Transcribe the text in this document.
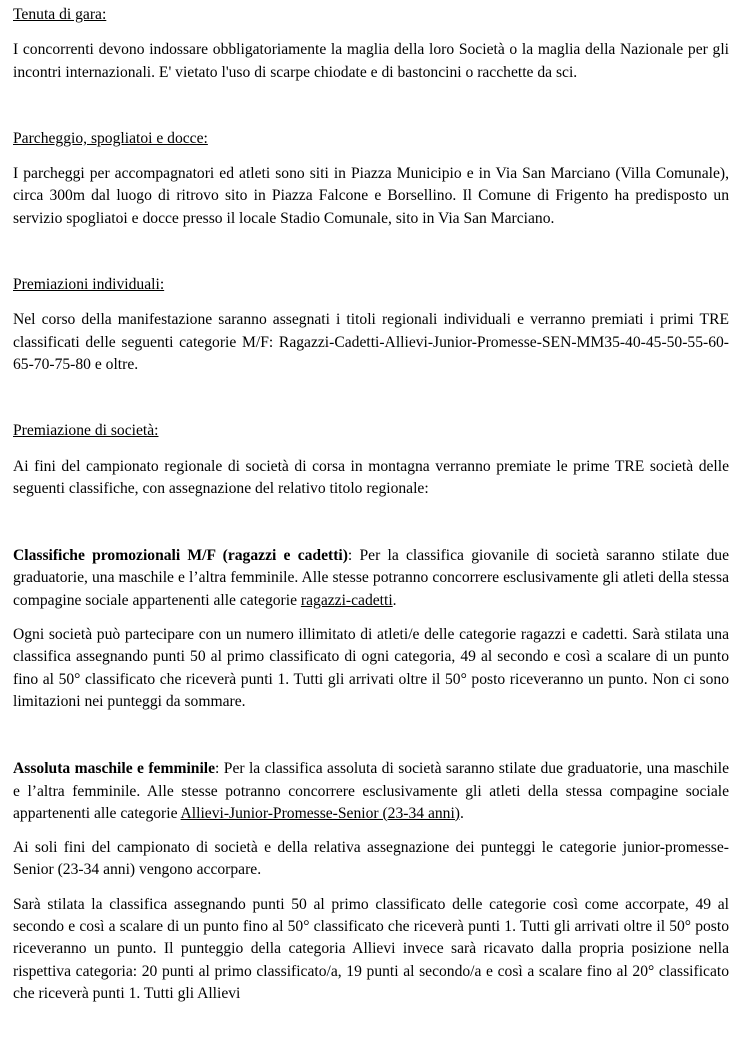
Tenuta di gara:

I concorrenti devono indossare obbligatoriamente la maglia della loro Società o la maglia della Nazionale per gli incontri internazionali. E' vietato l'uso di scarpe chiodate e di bastoncini o racchette da sci.

Parcheggio, spogliatoi e docce:

I parcheggi per accompagnatori ed atleti sono siti in Piazza Municipio e in Via San Marciano (Villa Comunale), circa 300m dal luogo di ritrovo sito in Piazza Falcone e Borsellino. Il Comune di Frigento ha predisposto un servizio spogliatoi e docce presso il locale Stadio Comunale, sito in Via San Marciano.

Premiazioni individuali:

Nel corso della manifestazione saranno assegnati i titoli regionali individuali e verranno premiati i primi TRE classificati delle seguenti categorie M/F: Ragazzi-Cadetti-Allievi-Junior-Promesse-SEN-MM35-40-45-50-55-60-65-70-75-80 e oltre.

Premiazione di società:

Ai fini del campionato regionale di società di corsa in montagna verranno premiate le prime TRE società delle seguenti classifiche, con assegnazione del relativo titolo regionale:

Classifiche promozionali M/F (ragazzi e cadetti): Per la classifica giovanile di società saranno stilate due graduatorie, una maschile e l’altra femminile. Alle stesse potranno concorrere esclusivamente gli atleti della stessa compagine sociale appartenenti alle categorie ragazzi-cadetti.

Ogni società può partecipare con un numero illimitato di atleti/e delle categorie ragazzi e cadetti. Sarà stilata una classifica assegnando punti 50 al primo classificato di ogni categoria, 49 al secondo e così a scalare di un punto fino al 50° classificato che riceverà punti 1. Tutti gli arrivati oltre il 50° posto riceveranno un punto. Non ci sono limitazioni nei punteggi da sommare.

Assoluta maschile e femminile: Per la classifica assoluta di società saranno stilate due graduatorie, una maschile e l’altra femminile. Alle stesse potranno concorrere esclusivamente gli atleti della stessa compagine sociale appartenenti alle categorie Allievi-Junior-Promesse-Senior (23-34 anni).

Ai soli fini del campionato di società e della relativa assegnazione dei punteggi le categorie junior-promesse-Senior (23-34 anni) vengono accorpare.

Sarà stilata la classifica assegnando punti 50 al primo classificato delle categorie così come accorpate, 49 al secondo e così a scalare di un punto fino al 50° classificato che riceverà punti 1. Tutti gli arrivati oltre il 50° posto riceveranno un punto. Il punteggio della categoria Allievi invece sarà ricavato dalla propria posizione nella rispettiva categoria: 20 punti al primo classificato/a, 19 punti al secondo/a e così a scalare fino al 20° classificato che riceverà punti 1. Tutti gli Allievi
